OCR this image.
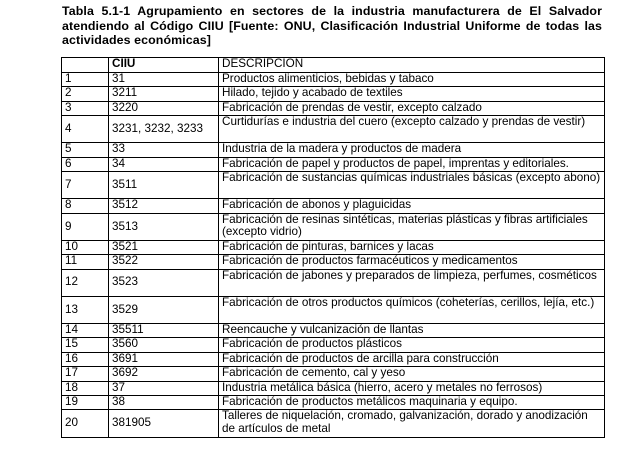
Tabla 5.1-1 Agrupamiento en sectores de la industria manufacturera de El Salvador atendiendo al Código CIIU [Fuente: ONU, Clasificación Industrial Uniforme de todas las actividades económicas]
	CIIU	DESCRIPCION
1	31	Productos alimenticios, bebidas y tabaco
2	3211	Hilado, tejido y acabado de textiles
3	3220	Fabricación de prendas de vestir, excepto calzado
4	3231, 3232, 3233	Curtidurías e industria del cuero (excepto calzado y prendas de vestir)
5	33	Industria de la madera y productos de madera
6	34	Fabricación de papel y productos de papel, imprentas y editoriales.
7	3511	Fabricación de sustancias químicas industriales básicas (excepto abono)
8	3512	Fabricación de abonos y plaguicidas
9	3513	Fabricación de resinas sintéticas, materias plásticas y fibras artificiales (excepto vidrio)
10	3521	Fabricación de pinturas, barnices y lacas
11	3522	Fabricación de productos farmacéuticos y medicamentos
12	3523	Fabricación de jabones y preparados de limpieza, perfumes, cosméticos
13	3529	Fabricación de otros productos químicos (coheterías, cerillos, lejía, etc.)
14	35511	Reencauche y vulcanización de llantas
15	3560	Fabricación de productos plásticos
16	3691	Fabricación de productos de arcilla para construcción
17	3692	Fabricación de cemento, cal y yeso
18	37	Industria metálica básica (hierro, acero y metales no ferrosos)
19	38	Fabricación de productos metálicos maquinaria y equipo.
20	381905	Talleres de niquelación, cromado, galvanización, dorado y anodización de artículos de metal
